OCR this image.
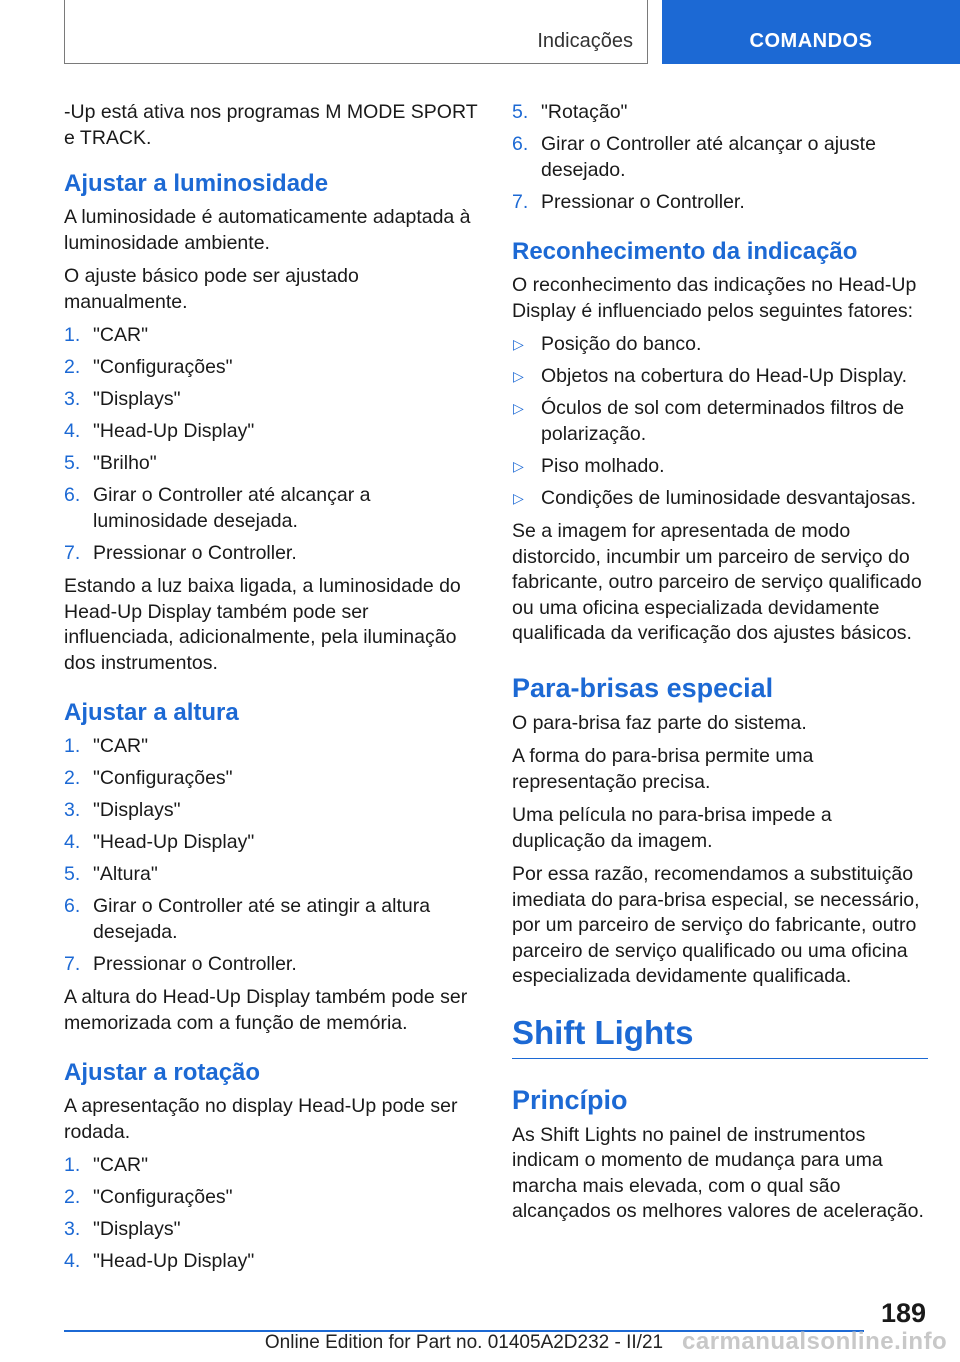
Indicações	COMANDOS

-Up está ativa nos programas M MODE SPORT e TRACK.

Ajustar a luminosidade

A luminosidade é automaticamente adaptada à luminosidade ambiente.

O ajuste básico pode ser ajustado manualmente.

1. "CAR"
2. "Configurações"
3. "Displays"
4. "Head-Up Display"
5. "Brilho"
6. Girar o Controller até alcançar a luminosidade desejada.
7. Pressionar o Controller.

Estando a luz baixa ligada, a luminosidade do Head-Up Display também pode ser influenciada, adicionalmente, pela iluminação dos instrumentos.

Ajustar a altura
1. "CAR"
2. "Configurações"
3. "Displays"
4. "Head-Up Display"
5. "Altura"
6. Girar o Controller até se atingir a altura desejada.
7. Pressionar o Controller.

A altura do Head-Up Display também pode ser memorizada com a função de memória.

Ajustar a rotação

A apresentação no display Head-Up pode ser rodada.

1. "CAR"
2. "Configurações"
3. "Displays"
4. "Head-Up Display"
5. "Rotação"
6. Girar o Controller até alcançar o ajuste desejado.
7. Pressionar o Controller.
Reconhecimento da indicação

O reconhecimento das indicações no Head-Up Display é influenciado pelos seguintes fatores:

▷ Posição do banco.
▷ Objetos na cobertura do Head-Up Display.
▷ Óculos de sol com determinados filtros de polarização.
▷ Piso molhado.
▷ Condições de luminosidade desvantajosas.

Se a imagem for apresentada de modo distorcido, incumbir um parceiro de serviço do fabricante, outro parceiro de serviço qualificado ou uma oficina especializada devidamente qualificada da verificação dos ajustes básicos.

Para-brisas especial

O para-brisa faz parte do sistema.

A forma do para-brisa permite uma representação precisa.

Uma película no para-brisa impede a duplicação da imagem.

Por essa razão, recomendamos a substituição imediata do para-brisa especial, se necessário, por um parceiro de serviço do fabricante, outro parceiro de serviço qualificado ou uma oficina especializada devidamente qualificada.

Shift Lights
Princípio

As Shift Lights no painel de instrumentos indicam o momento de mudança para uma marcha mais elevada, com o qual são alcançados os melhores valores de aceleração.

189
Online Edition for Part no. 01405A2D232 - II/21 carmanualsonline.info
